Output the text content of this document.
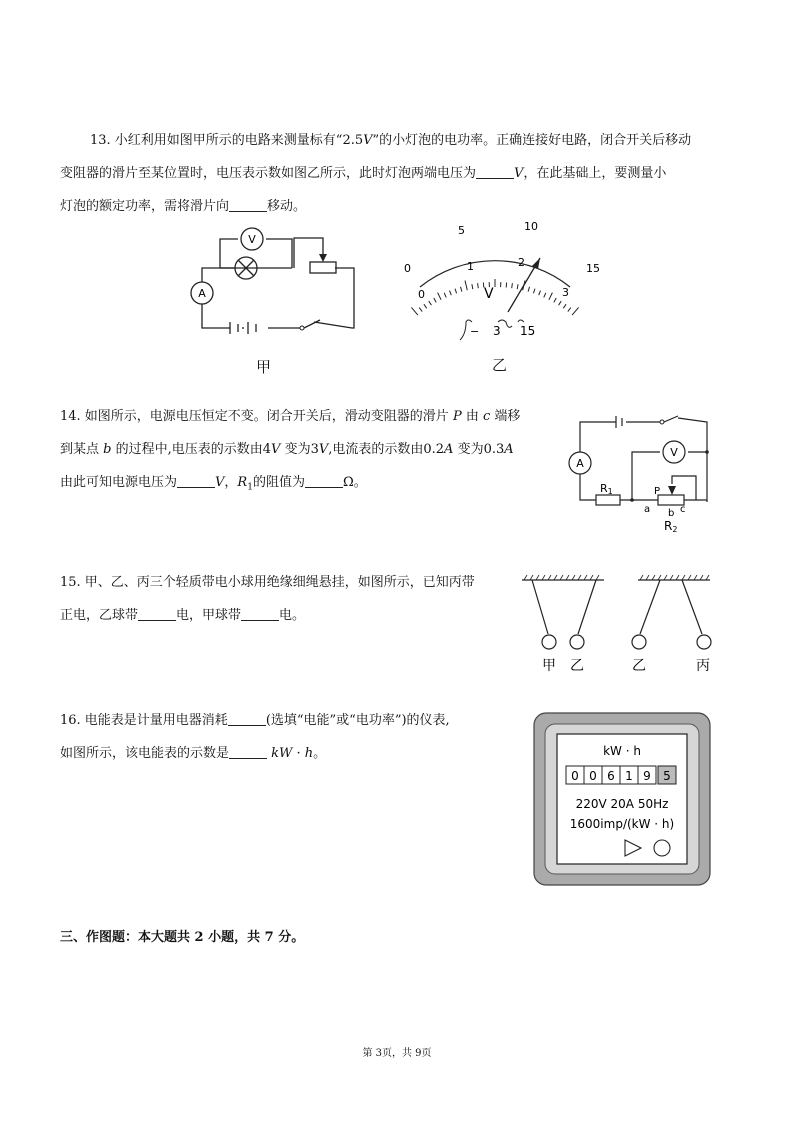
13. 小红利用如图甲所示的电路来测量标有“2.5V”的小灯泡的电功率。正确连接好电路，闭合开关后移动

变阻器的滑片至某位置时，电压表示数如图乙所示，此时灯泡两端电压为	V，在此基础上，要测量小

灯泡的额定功率，需将滑片向	移动。

A
V
甲
0
5	10
15
0
1	2
3
V
− 3 15
乙

14. 如图所示，电源电压恒定不变。闭合开关后，滑动变阻器的滑片 P 由 c 端移

到某点 b 的过程中,电压表的示数由4V 变为3V,电流表的示数由0.2A 变为0.3A

由此可知电源电压为	V，$R_1$的阻值为	Ω。

A
V
R1	P
a b c
R2

15. 甲、乙、丙三个轻质带电小球用绝缘细绳悬挂，如图所示，已知丙带

正电，乙球带	电，甲球带	电。

甲 乙	乙	丙

16. 电能表是计量用电器消耗	(选填“电能”或“电功率”)的仪表,

如图所示，该电能表的示数是	kW · h。	kW · h
0 0 6 1 9 5
220V 20A 50Hz
1600imp/(kW · h)
三、作图题：本大题共 2 小题，共 7 分。
第 3页，共 9页
